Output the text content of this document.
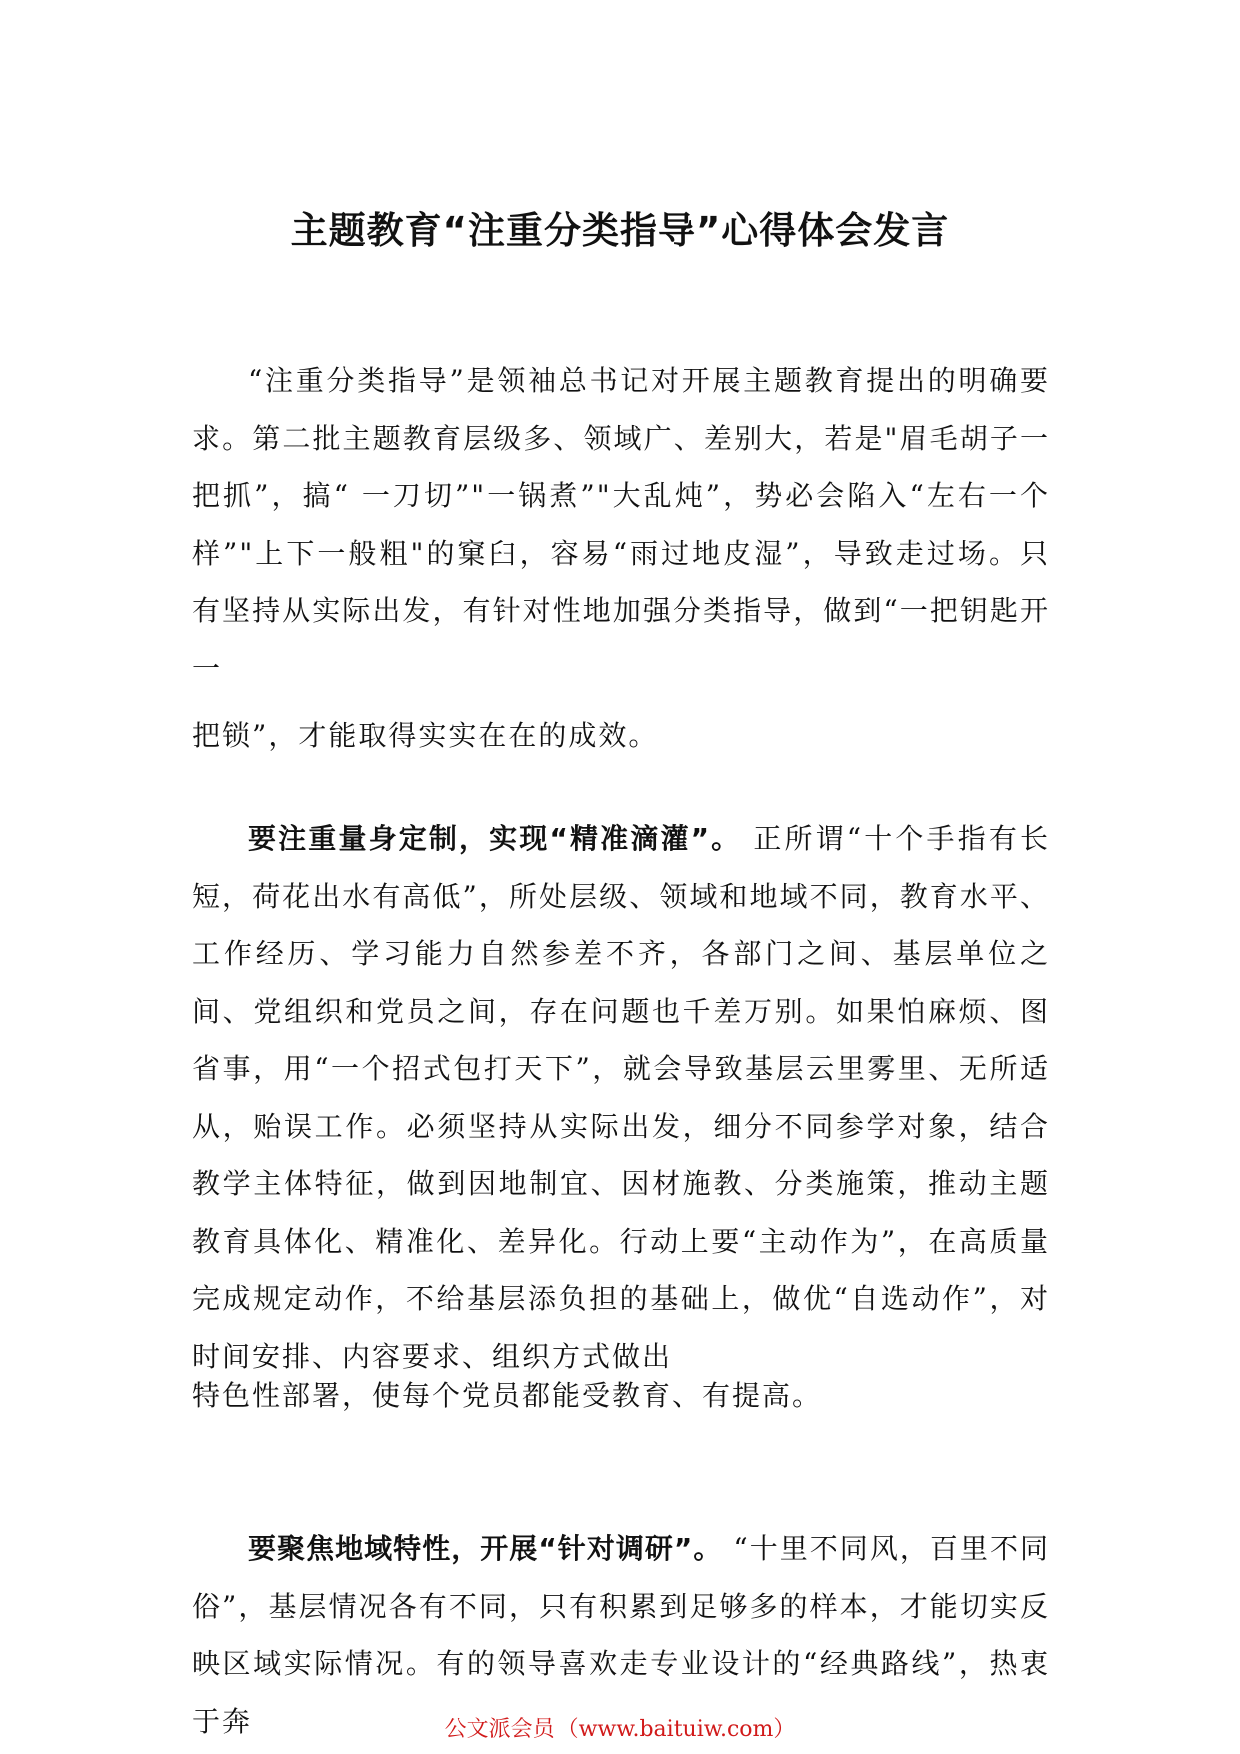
主题教育“注重分类指导”心得体会发言

“注重分类指导”是领袖总书记对开展主题教育提出的明确要求。第二批主题教育层级多、领域广、差别大，若是"眉毛胡子一把抓”，搞“ 一刀切”"一锅煮”"大乱炖”，势必会陷入“左右一个 样”"上下一般粗"的窠臼，容易“雨过地皮湿”，导致走过场。只 有坚持从实际出发，有针对性地加强分类指导，做到“一把钥匙开一

把锁”，才能取得实实在在的成效。

要注重量身定制，实现“精准滴灌”。 正所谓“十个手指有长短，荷花出水有高低”，所处层级、领域和地域不同，教育水平、工作经历、学习能力自然参差不齐，各部门之间、基层单位之间、党组织和党员之间，存在问题也千差万别。如果怕麻烦、图省事，用“一个招式包打天下”，就会导致基层云里雾里、无所适从，贻误工作。必须坚持从实际出发，细分不同参学对象，结合教学主体特征，做到因地制宜、因材施教、分类施策，推动主题教育具体化、精准化、差异化。行动上要“主动作为”，在高质量完成规定动作，不给基层添负担的基础上，做优“自选动作”，对时间安排、内容要求、组织方式做出

特色性部署，使每个党员都能受教育、有提高。

要聚焦地域特性，开展“针对调研”。 “十里不同风，百里不同俗”，基层情况各有不同，只有积累到足够多的样本，才能切实反映区域实际情况。有的领导喜欢走专业设计的“经典路线”，热衷于奔	公文派会员（www.baituiw.com）
